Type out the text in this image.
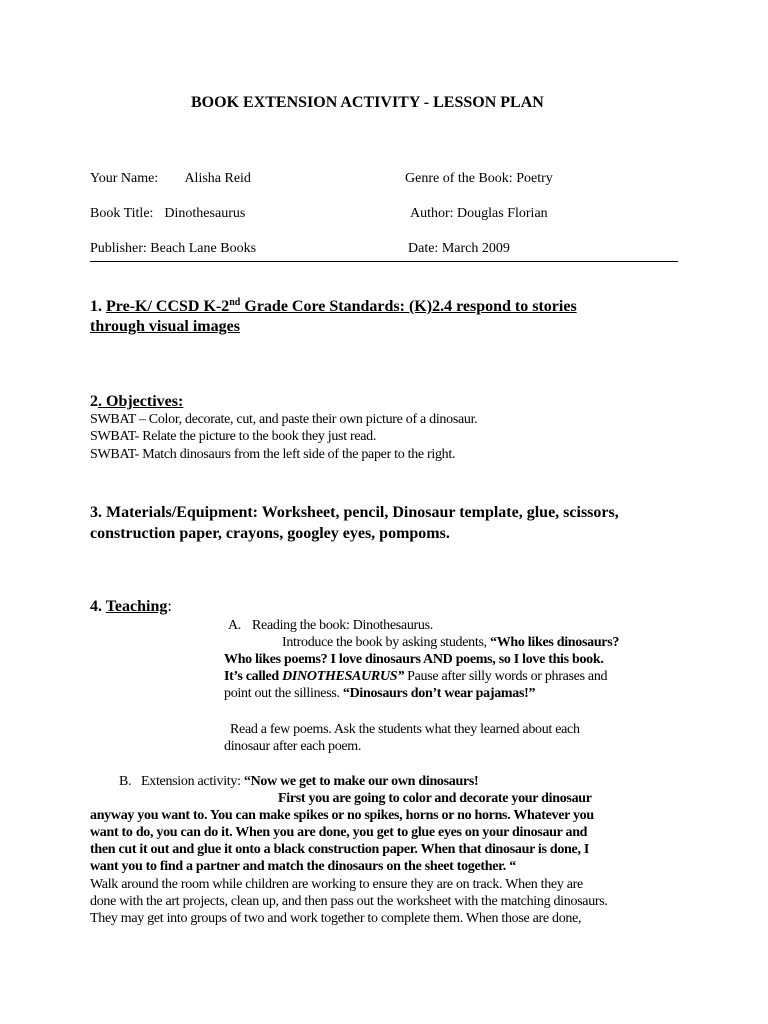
BOOK EXTENSION ACTIVITY - LESSON PLAN
Your Name: Alisha Reid	Genre of the Book: Poetry
Book Title: Dinothesaurus	Author: Douglas Florian
Publisher: Beach Lane Books	Date: March 2009
1. Pre-K/ CCSD K-2nd Grade Core Standards: (K)2.4 respond to stories
through visual images
2. Objectives:
SWBAT – Color, decorate, cut, and paste their own picture of a dinosaur.
SWBAT- Relate the picture to the book they just read.
SWBAT- Match dinosaurs from the left side of the paper to the right.
3. Materials/Equipment: Worksheet, pencil, Dinosaur template, glue, scissors,
construction paper, crayons, googley eyes, pompoms.
4. Teaching:
A. Reading the book: Dinothesaurus.
Introduce the book by asking students, “Who likes dinosaurs?
Who likes poems? I love dinosaurs AND poems, so I love this book.
It’s called DINOTHESAURUS” Pause after silly words or phrases and
point out the silliness. “Dinosaurs don’t wear pajamas!”
Read a few poems. Ask the students what they learned about each
dinosaur after each poem.
B. Extension activity: “Now we get to make our own dinosaurs!
First you are going to color and decorate your dinosaur
anyway you want to. You can make spikes or no spikes, horns or no horns. Whatever you
want to do, you can do it. When you are done, you get to glue eyes on your dinosaur and
then cut it out and glue it onto a black construction paper. When that dinosaur is done, I
want you to find a partner and match the dinosaurs on the sheet together. “
Walk around the room while children are working to ensure they are on track. When they are
done with the art projects, clean up, and then pass out the worksheet with the matching dinosaurs.
They may get into groups of two and work together to complete them. When those are done,
